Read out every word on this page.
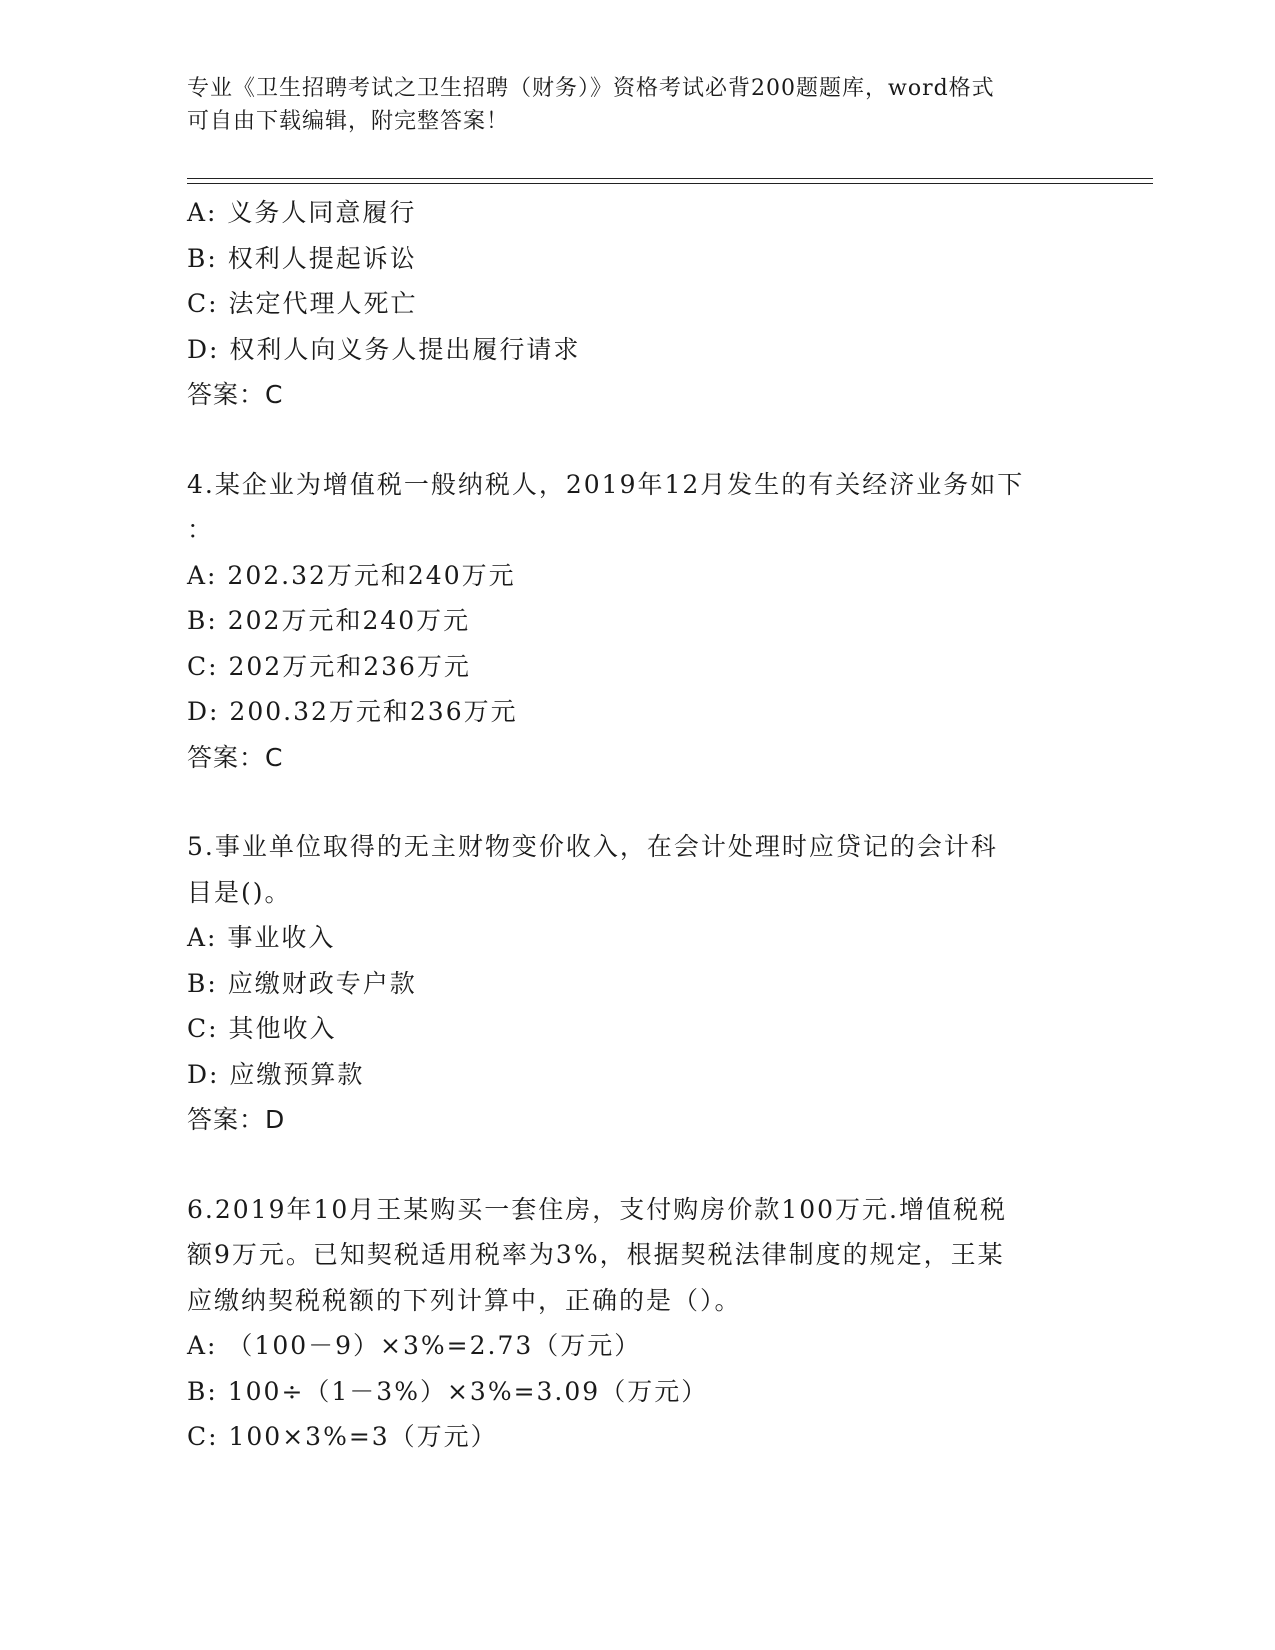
专业《卫生招聘考试之卫生招聘（财务）》资格考试必背200题题库，word格式
可自由下载编辑，附完整答案！
A: 义务人同意履行
B: 权利人提起诉讼
C: 法定代理人死亡
D: 权利人向义务人提出履行请求
答案：C
4.某企业为增值税一般纳税人，2019年12月发生的有关经济业务如下
：
A: 202.32万元和240万元
B: 202万元和240万元
C: 202万元和236万元
D: 200.32万元和236万元
答案：C
5.事业单位取得的无主财物变价收入，在会计处理时应贷记的会计科
目是()。
A: 事业收入
B: 应缴财政专户款
C: 其他收入
D: 应缴预算款
答案：D
6.2019年10月王某购买一套住房，支付购房价款100万元.增值税税
额9万元。已知契税适用税率为3%，根据契税法律制度的规定，王某
应缴纳契税税额的下列计算中，正确的是（）。
A: （100－9）×3%=2.73（万元）
B: 100÷（1－3%）×3%=3.09（万元）
C: 100×3%=3（万元）
